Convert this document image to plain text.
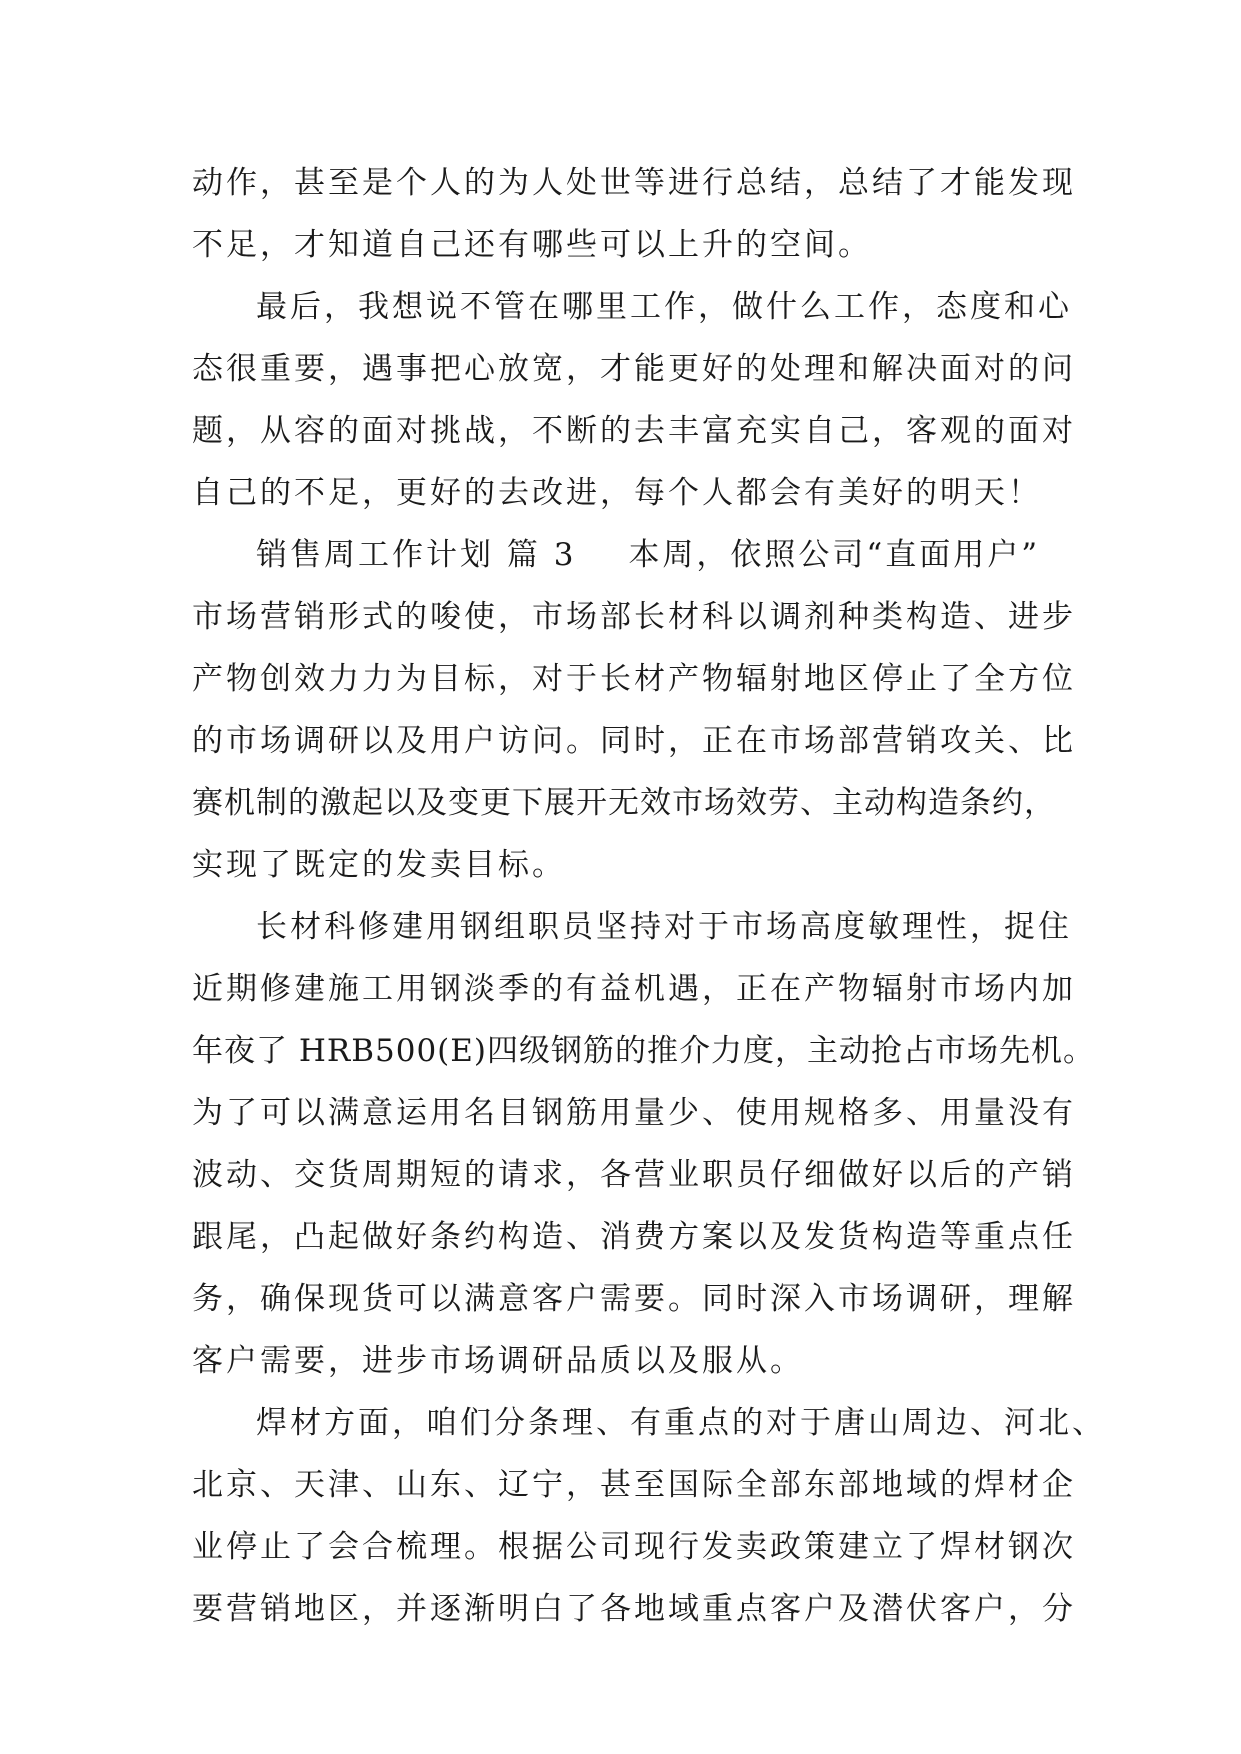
动作，甚至是个人的为人处世等进行总结，总结了才能发现
不足，才知道自己还有哪些可以上升的空间。
最后，我想说不管在哪里工作，做什么工作，态度和心
态很重要，遇事把心放宽，才能更好的处理和解决面对的问
题，从容的面对挑战，不断的去丰富充实自己，客观的面对
自己的不足，更好的去改进，每个人都会有美好的明天！
销售周工作计划 篇 3 本周，依照公司“直面用户”
市场营销形式的唆使，市场部长材科以调剂种类构造、进步
产物创效力力为目标，对于长材产物辐射地区停止了全方位
的市场调研以及用户访问。同时，正在市场部营销攻关、比
赛机制的激起以及变更下展开无效市场效劳、主动构造条约，
实现了既定的发卖目标。
长材科修建用钢组职员坚持对于市场高度敏理性，捉住
近期修建施工用钢淡季的有益机遇，正在产物辐射市场内加
年夜了 HRB500(E)四级钢筋的推介力度，主动抢占市场先机。
为了可以满意运用名目钢筋用量少、使用规格多、用量没有
波动、交货周期短的请求，各营业职员仔细做好以后的产销
跟尾，凸起做好条约构造、消费方案以及发货构造等重点任
务，确保现货可以满意客户需要。同时深入市场调研，理解
客户需要，进步市场调研品质以及服从。
焊材方面，咱们分条理、有重点的对于唐山周边、河北、
北京、天津、山东、辽宁，甚至国际全部东部地域的焊材企
业停止了会合梳理。根据公司现行发卖政策建立了焊材钢次
要营销地区，并逐渐明白了各地域重点客户及潜伏客户，分
